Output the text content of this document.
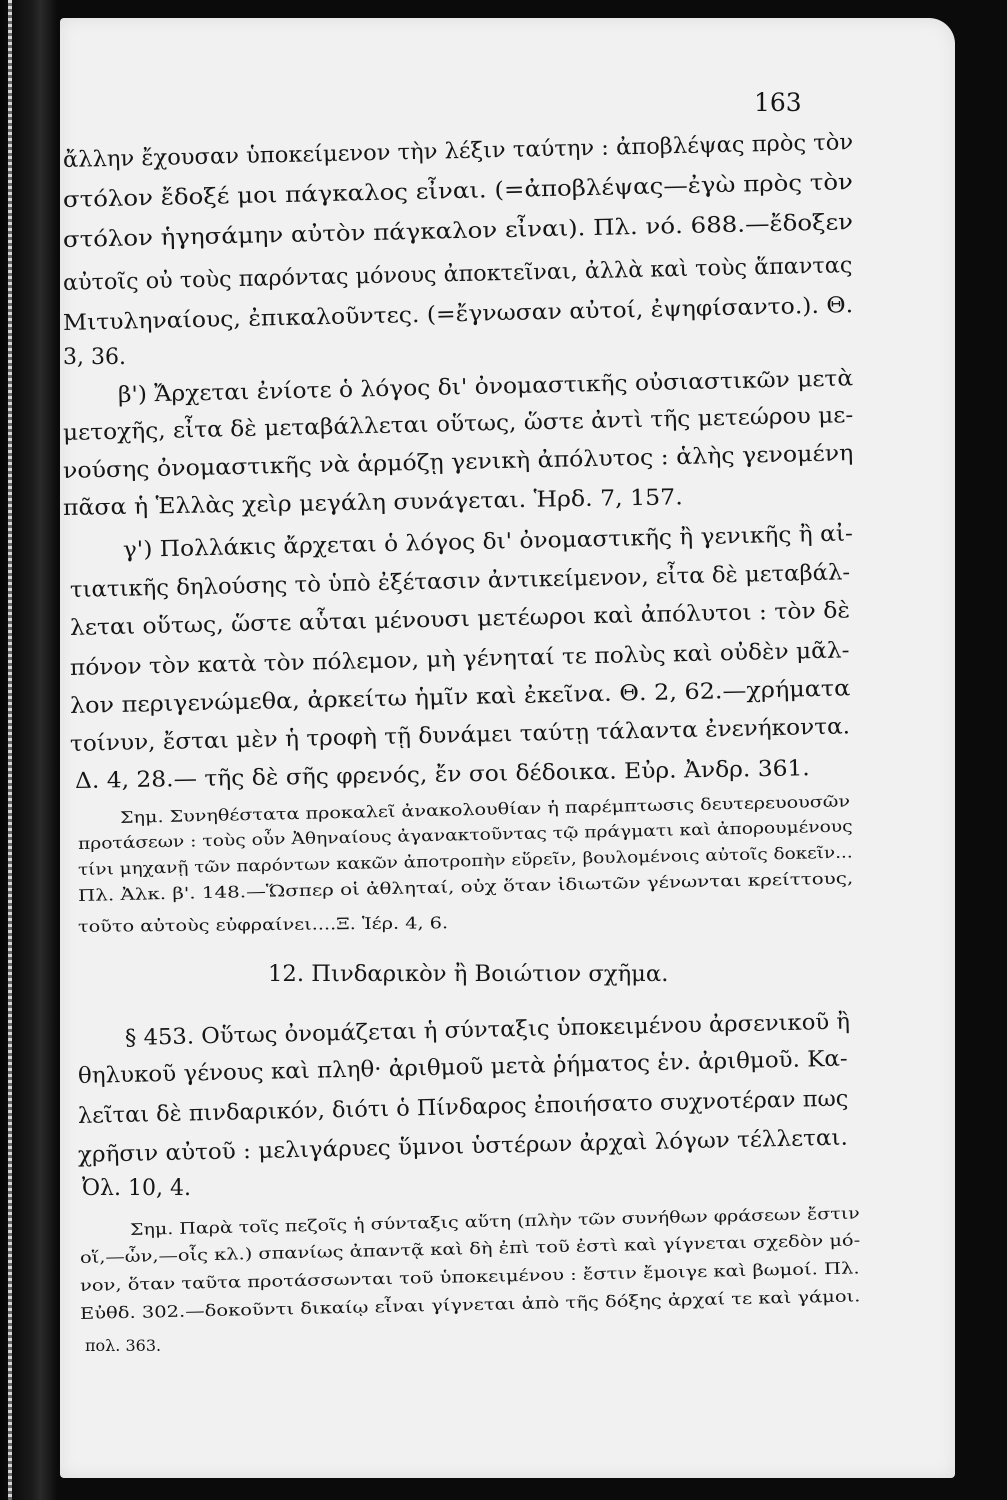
163
ἄλλην ἔχουσαν ὑποκείμενον τὴν λέξιν ταύτην : ἀποβλέψας πρὸς τὸν
στόλον ἔδοξέ μοι πάγκαλος εἶναι. (=ἀποβλέψας—ἐγὼ πρὸς τὸν
στόλον ἡγησάμην αὐτὸν πάγκαλον εἶναι). Πλ. νό. 688.—ἔδοξεν
αὐτοῖς οὐ τοὺς παρόντας μόνους ἀποκτεῖναι, ἀλλὰ καὶ τοὺς ἅπαντας
Μιτυληναίους, ἐπικαλοῦντες. (=ἔγνωσαν αὐτοί, ἐψηφίσαντο.). Θ.
3, 36.
β') Ἄρχεται ἐνίοτε ὁ λόγος δι' ὀνομαστικῆς οὐσιαστικῶν μετὰ
μετοχῆς, εἶτα δὲ μεταβάλλεται οὕτως, ὥστε ἀντὶ τῆς μετεώρου με-
νούσης ὀνομαστικῆς νὰ ἁρμόζῃ γενικὴ ἀπόλυτος : ἁλὴς γενομένη
πᾶσα ἡ Ἑλλὰς χεὶρ μεγάλη συνάγεται. Ἡρδ. 7, 157.
γ') Πολλάκις ἄρχεται ὁ λόγος δι' ὀνομαστικῆς ἢ γενικῆς ἢ αἰ-
τιατικῆς δηλούσης τὸ ὑπὸ ἐξέτασιν ἀντικείμενον, εἶτα δὲ μεταβάλ-
λεται οὕτως, ὥστε αὗται μένουσι μετέωροι καὶ ἀπόλυτοι : τὸν δὲ
πόνον τὸν κατὰ τὸν πόλεμον, μὴ γένηταί τε πολὺς καὶ οὐδὲν μᾶλ-
λον περιγενώμεθα, ἀρκείτω ἡμῖν καὶ ἐκεῖνα. Θ. 2, 62.—χρήματα
τοίνυν, ἔσται μὲν ἡ τροφὴ τῇ δυνάμει ταύτῃ τάλαντα ἐνενήκοντα.
Δ. 4, 28.— τῆς δὲ σῆς φρενός, ἔν σοι δέδοικα. Εὐρ. Ἀνδρ. 361.
Σημ. Συνηθέστατα προκαλεῖ ἀνακολουθίαν ἡ παρέμπτωσις δευτερευουσῶν
προτάσεων : τοὺς οὖν Ἀθηναίους ἀγανακτοῦντας τῷ πράγματι καὶ ἀπορουμένους
τίνι μηχανῇ τῶν παρόντων κακῶν ἀποτροπὴν εὕρεῖν, βουλομένοις αὐτοῖς δοκεῖν...
Πλ. Ἀλκ. β'. 148.—Ὥσπερ οἱ ἀθληταί, οὐχ ὅταν ἰδιωτῶν γένωνται κρείττους,
τοῦτο αὐτοὺς εὐφραίνει....Ξ. Ἱέρ. 4, 6.
12. Πινδαρικὸν ἢ Βοιώτιον σχῆμα.
§ 453. Οὕτως ὀνομάζεται ἡ σύνταξις ὑποκειμένου ἀρσενικοῦ ἢ
θηλυκοῦ γένους καὶ πληθ· ἀριθμοῦ μετὰ ῥήματος ἑν. ἀριθμοῦ. Κα-
λεῖται δὲ πινδαρικόν, διότι ὁ Πίνδαρος ἐποιήσατο συχνοτέραν πως
χρῆσιν αὐτοῦ : μελιγάρυες ὕμνοι ὑστέρων ἀρχαὶ λόγων τέλλεται.
Ὀλ. 10, 4.
Σημ. Παρὰ τοῖς πεζοῖς ἡ σύνταξις αὕτη (πλὴν τῶν συνήθων φράσεων ἔστιν
οἵ,—ὧν,—οἷς κλ.) σπανίως ἀπαντᾷ καὶ δὴ ἐπὶ τοῦ ἐστὶ καὶ γίγνεται σχεδὸν μό-
νον, ὅταν ταῦτα προτάσσωνται τοῦ ὑποκειμένου : ἔστιν ἔμοιγε καὶ βωμοί. Πλ.
Εὐθδ. 302.—δοκοῦντι δικαίῳ εἶναι γίγνεται ἀπὸ τῆς δόξης ἀρχαί τε καὶ γάμοι.
πολ. 363.
